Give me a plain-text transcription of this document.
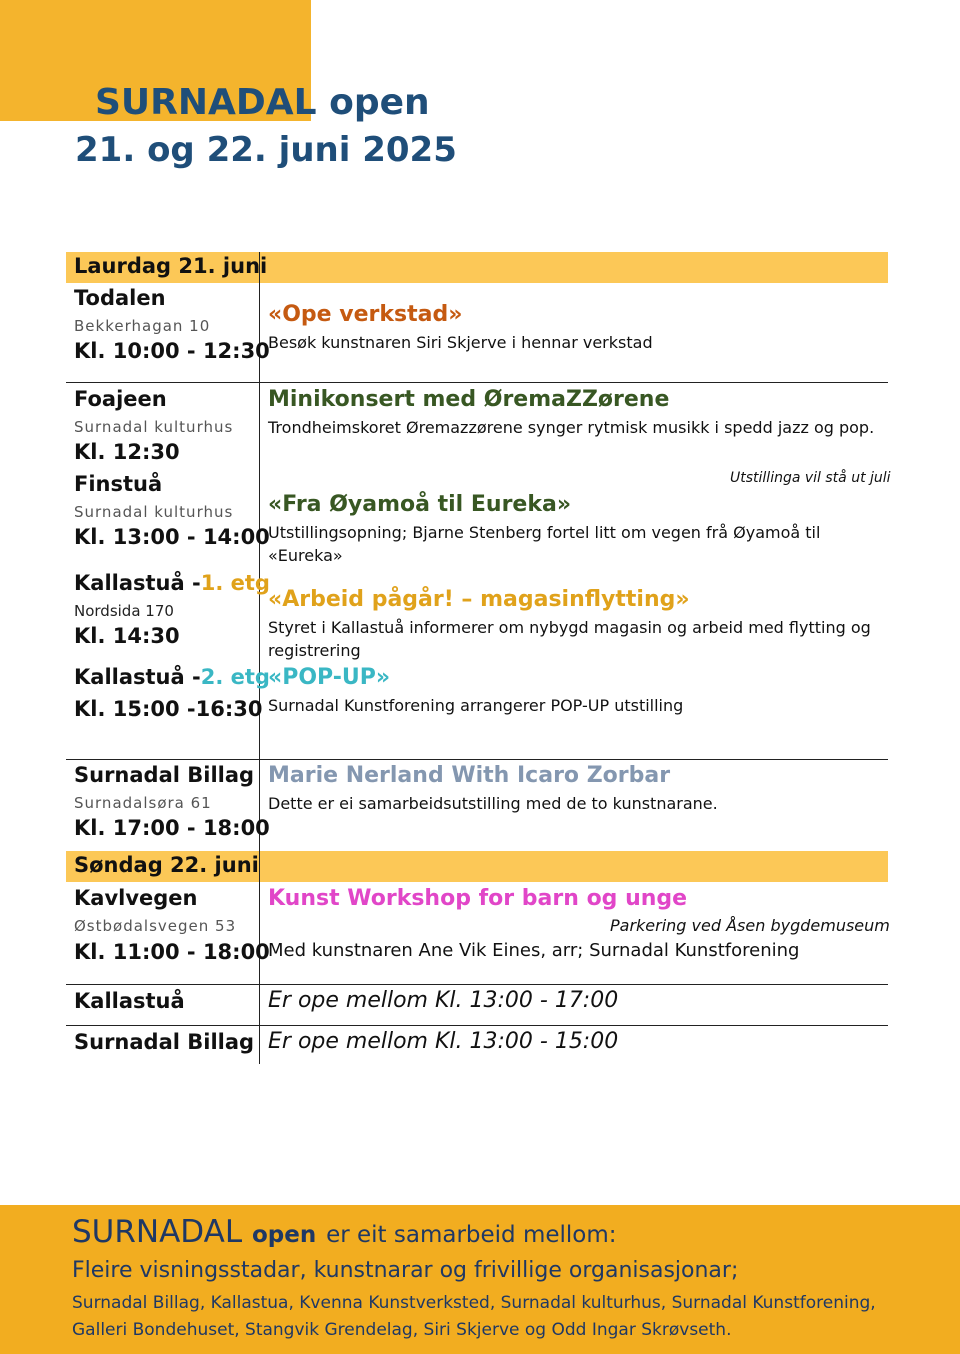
SURNADAL open
21. og 22. juni 2025
Laurdag 21. juni
Todalen
Bekkerhagan 10
Kl. 10:00 - 12:30
«Ope verkstad»
Besøk kunstnaren Siri Skjerve i hennar verkstad
Foajeen
Surnadal kulturhus
Kl. 12:30
Minikonsert med ØremaZZørene
Trondheimskoret Øremazzørene synger rytmisk musikk i spedd jazz og pop.
Finstuå
Surnadal kulturhus
Kl. 13:00 - 14:00
Utstillinga vil stå ut juli
«Fra Øyamoå til Eureka»
Utstillingsopning; Bjarne Stenberg fortel litt om vegen frå Øyamoå til
«Eureka»
Kallastuå -1. etg
Nordsida 170
Kl. 14:30
«Arbeid pågår! – magasinflytting»
Styret i Kallastuå informerer om nybygd magasin og arbeid med flytting og
registrering
Kallastuå -2. etg
Kl. 15:00 -16:30
«POP-UP»
Surnadal Kunstforening arrangerer POP-UP utstilling
Surnadal Billag
Surnadalsøra 61
Kl. 17:00 - 18:00
Marie Nerland With Icaro Zorbar
Dette er ei samarbeidsutstilling med de to kunstnarane.
Søndag 22. juni
Kavlvegen
Østbødalsvegen 53
Kl. 11:00 - 18:00
Kunst Workshop for barn og unge
Parkering ved Åsen bygdemuseum
Med kunstnaren Ane Vik Eines, arr; Surnadal Kunstforening
Kallastuå	Er ope mellom Kl. 13:00 - 17:00
Surnadal Billag Er ope mellom Kl. 13:00 - 15:00
SURNADAL open er eit samarbeid mellom:
Fleire visningsstadar, kunstnarar og frivillige organisasjonar;
Surnadal Billag, Kallastua, Kvenna Kunstverksted, Surnadal kulturhus, Surnadal Kunstforening,
Galleri Bondehuset, Stangvik Grendelag, Siri Skjerve og Odd Ingar Skrøvseth.
